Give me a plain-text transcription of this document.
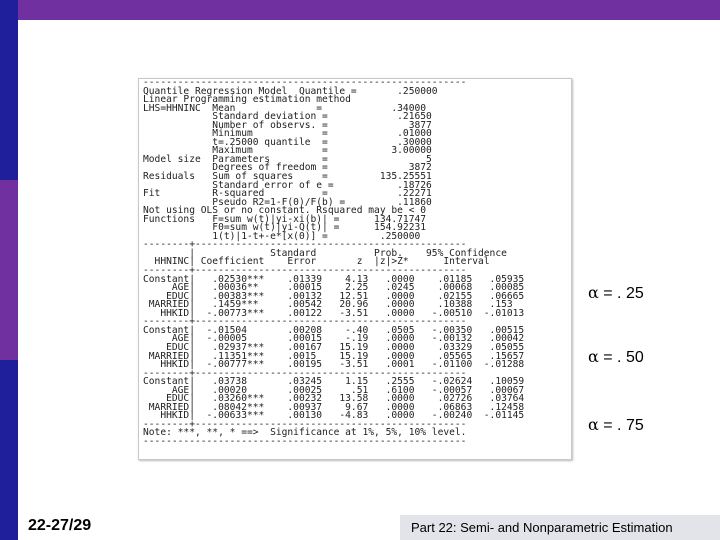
--------------------------------------------------------
Quantile Regression Model  Quantile =       .250000
Linear Programming estimation method
LHS=HHNINC  Mean              =            .34000
Standard deviation =            .21650
Number of observs. =              3877
Minimum            =            .01000
t=.25000 quantile  =            .30000
Maximum            =           3.00000
Model size  Parameters         =                 5
Degrees of freedom =              3872
Residuals   Sum of squares     =         135.25551
Standard error of e =           .18726
Fit         R-squared          =            .22271
Pseudo R2=1-F(0)/F(b) =         .11860
Not using OLS or no constant. Rsquared may be < 0
Functions   F=sum w(t)|yi-xi(b)| =      134.71747
F0=sum w(t)|yi-Q(t)| =      154.92231
1(t)|1-t+-e*[x(0)] =         .250000
--------+-----------------------------------------------
|             Standard          Prob.    95% Confidence
HHNINC| Coefficient    Error       z  |z|>Z*      Interval
--------+-----------------------------------------------
Constant|   .02530***    .01339    4.13   .0000    .01185   .05935
AGE|   .00036**     .00015    2.25   .0245    .00068   .00085
EDUC|   .00383***    .00132   12.51   .0000    .02155   .06665
MARRIED|   .1459***     .00542   20.96   .0000    .10388   .153
HHKID|  -.00773***    .00122   -3.51   .0000   -.00510  -.01013
--------+-----------------------------------------------
Constant|  -.01504       .00208    -.40   .0505   -.00350   .00515
AGE|  -.00005       .00015    -.19   .0000   -.00132   .00042
EDUC|   .02937***    .00167   15.19   .0000    .03329   .05055
MARRIED|   .11351***    .0015    15.19   .0000    .05565   .15657
HHKID|  -.00777***    .00195   -3.51   .0001   -.01100  -.01288
--------+-----------------------------------------------
Constant|   .03738       .03245    1.15   .2555   -.02624   .10059
AGE|   .00020       .00025     .51   .6100   -.00057   .00067
EDUC|   .03260***    .00232   13.58   .0000    .02726   .03764
MARRIED|   .08042***    .00937    9.67   .0000    .06863   .12458
HHKID|  -.00633***    .00130   -4.83   .0000   -.00240  -.01145
--------+-----------------------------------------------
Note: ***, **, * ==>  Significance at 1%, 5%, 10% level.
--------------------------------------------------------

α = . 25
α = . 50
α = . 75
22-27/29	Part 22: Semi- and Nonparametric Estimation
